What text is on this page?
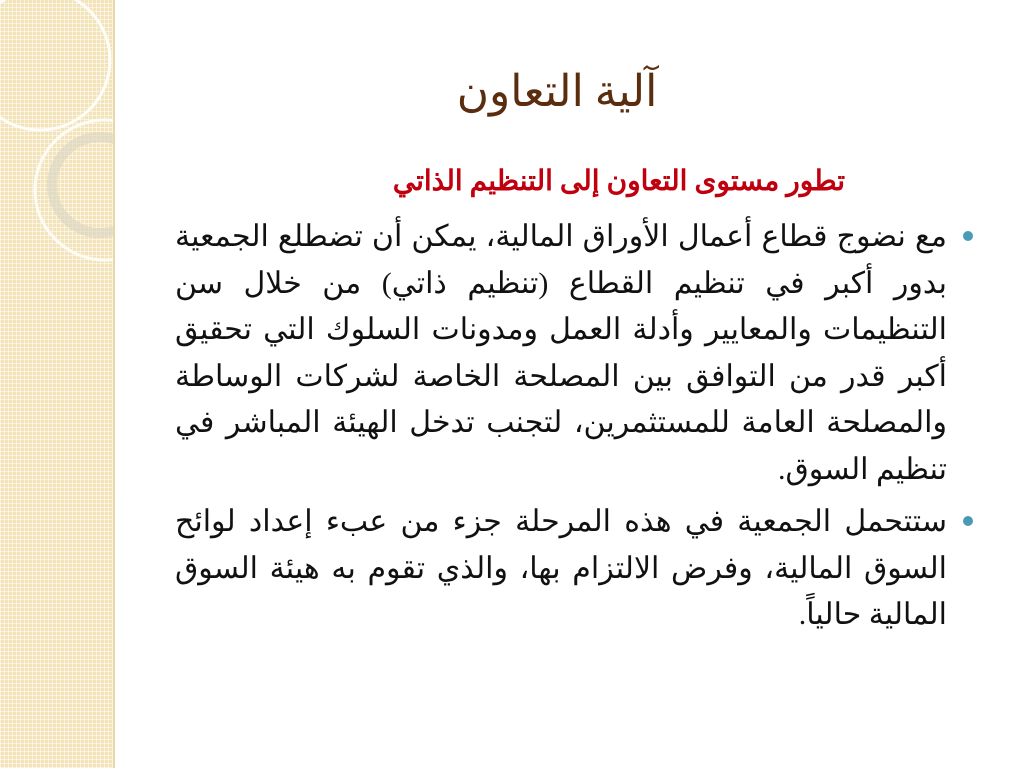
آلية التعاون
تطور مستوى التعاون إلى التنظيم الذاتي
مع نضوج قطاع أعمال الأوراق المالية، يمكن أن تضطلع الجمعية بدور أكبر في تنظيم القطاع (تنظيم ذاتي) من خلال سن التنظيمات والمعايير وأدلة العمل ومدونات السلوك التي تحقيق أكبر قدر من التوافق بين المصلحة الخاصة لشركات الوساطة والمصلحة العامة للمستثمرين، لتجنب تدخل الهيئة المباشر في تنظيم السوق.
ستتحمل الجمعية في هذه المرحلة جزء من عبء إعداد لوائح السوق المالية، وفرض الالتزام بها، والذي تقوم به هيئة السوق المالية حالياً.
